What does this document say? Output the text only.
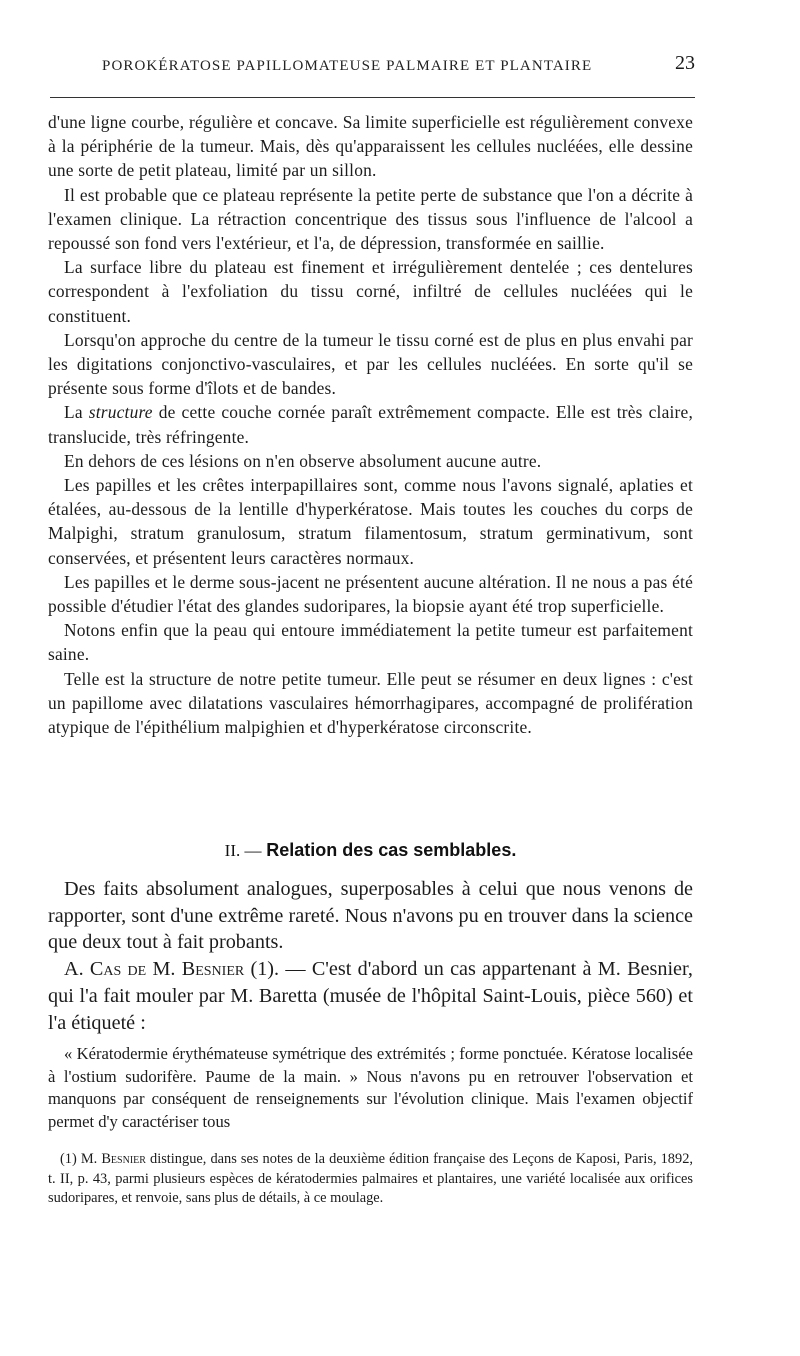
POROKÉRATOSE PAPILLOMATEUSE PALMAIRE ET PLANTAIRE	23

d'une ligne courbe, régulière et concave. Sa limite superficielle est régulièrement convexe à la périphérie de la tumeur. Mais, dès qu'apparaissent les cellules nucléées, elle dessine une sorte de petit plateau, limité par un sillon.

Il est probable que ce plateau représente la petite perte de substance que l'on a décrite à l'examen clinique. La rétraction concentrique des tissus sous l'influence de l'alcool a repoussé son fond vers l'extérieur, et l'a, de dépression, transformée en saillie.

La surface libre du plateau est finement et irrégulièrement dentelée ; ces dentelures correspondent à l'exfoliation du tissu corné, infiltré de cellules nucléées qui le constituent.

Lorsqu'on approche du centre de la tumeur le tissu corné est de plus en plus envahi par les digitations conjonctivo-vasculaires, et par les cellules nucléées. En sorte qu'il se présente sous forme d'îlots et de bandes.

La structure de cette couche cornée paraît extrêmement compacte. Elle est très claire, translucide, très réfringente.

En dehors de ces lésions on n'en observe absolument aucune autre.

Les papilles et les crêtes interpapillaires sont, comme nous l'avons signalé, aplaties et étalées, au-dessous de la lentille d'hyperkératose. Mais toutes les couches du corps de Malpighi, stratum granulosum, stratum filamentosum, stratum germinativum, sont conservées, et présentent leurs caractères normaux.

Les papilles et le derme sous-jacent ne présentent aucune altération. Il ne nous a pas été possible d'étudier l'état des glandes sudoripares, la biopsie ayant été trop superficielle.

Notons enfin que la peau qui entoure immédiatement la petite tumeur est parfaitement saine.

Telle est la structure de notre petite tumeur. Elle peut se résumer en deux lignes : c'est un papillome avec dilatations vasculaires hémorrhagipares, accompagné de prolifération atypique de l'épithélium malpighien et d'hyperkératose circonscrite.

II. — Relation des cas semblables.

Des faits absolument analogues, superposables à celui que nous venons de rapporter, sont d'une extrême rareté. Nous n'avons pu en trouver dans la science que deux tout à fait probants.

A. Cas de M. Besnier (1). — C'est d'abord un cas appartenant à M. Besnier, qui l'a fait mouler par M. Baretta (musée de l'hôpital Saint-Louis, pièce 560) et l'a étiqueté :

« Kératodermie érythémateuse symétrique des extrémités ; forme ponctuée. Kératose localisée à l'ostium sudorifère. Paume de la main. » Nous n'avons pu en retrouver l'observation et manquons par conséquent de renseignements sur l'évolution clinique. Mais l'examen objectif permet d'y caractériser tous

(1) M. Besnier distingue, dans ses notes de la deuxième édition française des Leçons de Kaposi, Paris, 1892, t. II, p. 43, parmi plusieurs espèces de kératodermies palmaires et plantaires, une variété localisée aux orifices sudoripares, et renvoie, sans plus de détails, à ce moulage.
